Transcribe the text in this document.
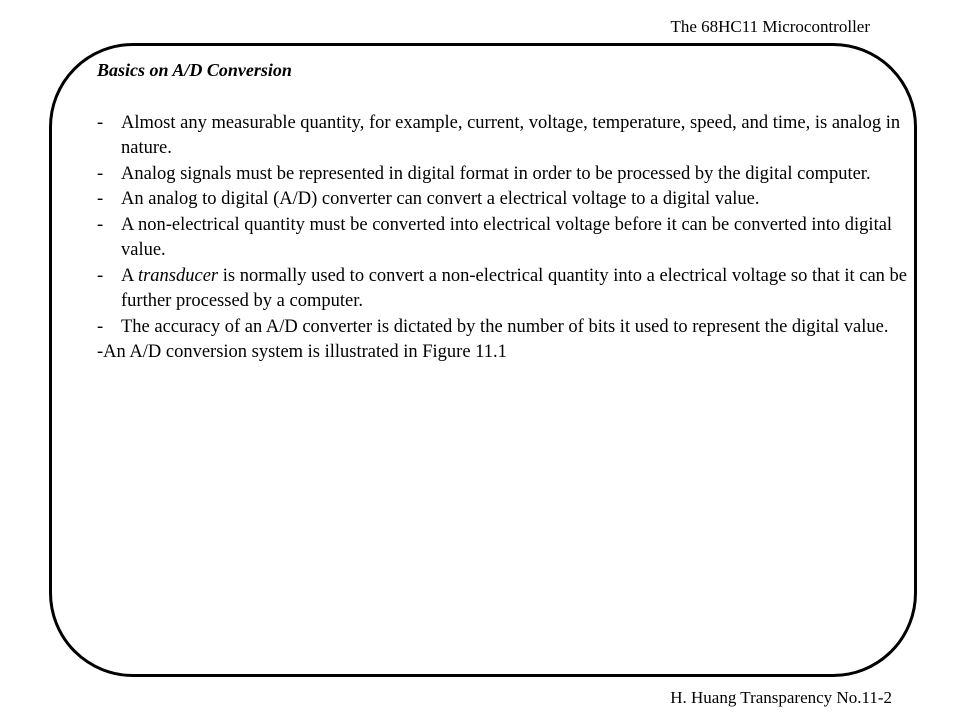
The 68HC11 Microcontroller

Basics on A/D Conversion

- Almost any measurable quantity, for example, current, voltage, temperature, speed, and time, is analog in nature.
- Analog signals must be represented in digital format in order to be processed by the digital computer.
- An analog to digital (A/D) converter can convert a electrical voltage to a digital value.
- A non-electrical quantity must be converted into electrical voltage before it can be converted into digital value.
- A transducer is normally used to convert a non-electrical quantity into a electrical voltage so that it can be further processed by a computer.
- The accuracy of an A/D converter is dictated by the number of bits it used to represent the digital value.

-An A/D conversion system is illustrated in Figure 11.1

H. Huang Transparency No.11-2
